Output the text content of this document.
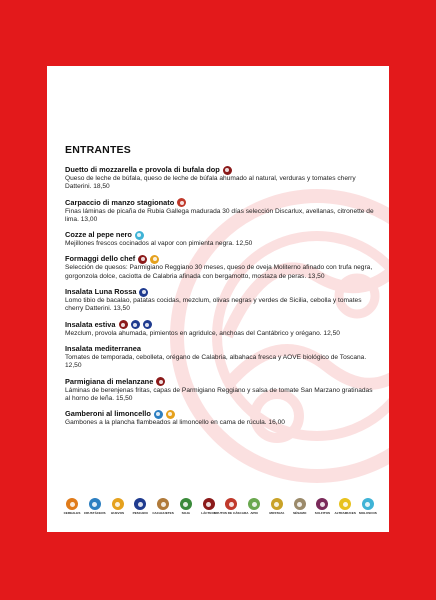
ENTRANTES
Duetto di mozzarella e provola di bufala dop
Queso de leche de búfala, queso de leche de búfala ahumado al natural, verduras y tomates cherry Datterini. 18,50
Carpaccio di manzo stagionato
Finas láminas de picaña de Rubia Gallega madurada 30 días selección Discarlux, avellanas, citronette de lima. 13,00
Cozze al pepe nero
Mejillones frescos cocinados al vapor con pimienta negra. 12,50
Formaggi dello chef
Selección de quesos: Parmigiano Reggiano 30 meses, queso de oveja Moliterno afinado con trufa negra, gorgonzola dolce, caciotta de Calabria afinada con bergamotto, mostaza de peras. 13,50
Insalata Luna Rossa
Lomo tibio de bacalao, patatas cocidas, mezclum, olivas negras y verdes de Sicilia, cebolla y tomates cherry Datterini. 13,50
Insalata estiva
Mezclum, provola ahumada, pimientos en agridulce, anchoas del Cantábrico y orégano. 12,50
Insalata mediterranea
Tomates de temporada, cebolleta, orégano de Calabria, albahaca fresca y AOVE biológico de Toscana. 12,50
Parmigiana di melanzane
Láminas de berenjenas fritas, capas de Parmigiano Reggiano y salsa de tomate San Marzano gratinadas al horno de leña. 15,50
Gamberoni al limoncello
Gambones a la plancha flambeados al limoncello en cama de rúcula. 16,00
CEREALES CRUSTÁCEOS HUEVOS	PESCADO CACAHUETES	SOJA	LÁCTEOS
FRUTOS DE CÁSCARA APIO	MOSTAZA	SÉSAMO	SULFITOS ALTRAMUCES MOLUSCOS
